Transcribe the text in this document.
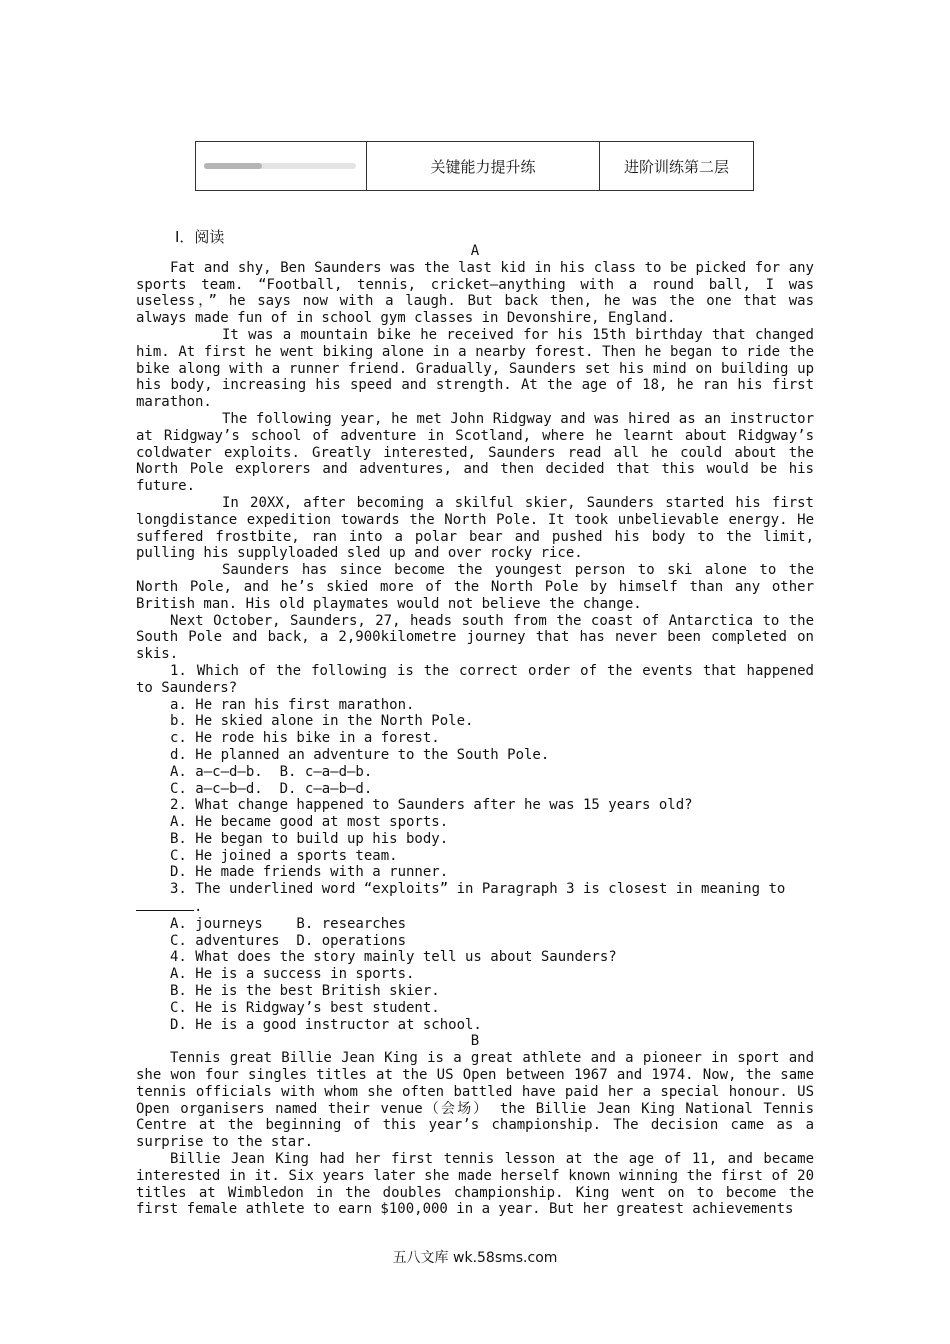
关键能力提升练	进阶训练第二层
I．阅读
A

Fat and shy, Ben Saunders was the last kid in his class to be picked for any sports team. “Football, tennis, cricket—anything with a round ball, I was useless，” he says now with a laugh. But back then, he was the one that was always made fun of in school gym classes in Devonshire, England.

It was a mountain bike he received for his 15th birthday that changed him. At first he went biking alone in a nearby forest. Then he began to ride the bike along with a runner friend. Gradually, Saunders set his mind on building up his body, increasing his speed and strength. At the age of 18, he ran his first marathon.

The following year, he met John Ridgway and was hired as an instructor at Ridgway’s school of adventure in Scotland, where he learnt about Ridgway’s coldwater exploits. Greatly interested, Saunders read all he could about the North Pole explorers and adventures, and then decided that this would be his future.

In 20XX, after becoming a skilful skier, Saunders started his first longdistance expedition towards the North Pole. It took unbelievable energy. He suffered frostbite, ran into a polar bear and pushed his body to the limit, pulling his supplyloaded sled up and over rocky rice.

Saunders has since become the youngest person to ski alone to the North Pole, and he’s skied more of the North Pole by himself than any other British man. His old playmates would not believe the change.

Next October, Saunders, 27, heads south from the coast of Antarctica to the South Pole and back, a 2,900kilometre journey that has never been completed on skis.

1. Which of the following is the correct order of the events that happened to Saunders?

a. He ran his first marathon.

b. He skied alone in the North Pole.

c. He rode his bike in a forest.

d. He planned an adventure to the South Pole.

A. a—c—d—b.  B. c—a—d—b.

C. a—c—b—d.  D. c—a—b—d.

2. What change happened to Saunders after he was 15 years old?

A. He became good at most sports.

B. He began to build up his body.

C. He joined a sports team.

D. He made friends with a runner.

3. The underlined word “exploits” in Paragraph 3 is closest in meaning to

.

A. journeys    B. researches

C. adventures  D. operations

4. What does the story mainly tell us about Saunders?

A. He is a success in sports.

B. He is the best British skier.

C. He is Ridgway’s best student.

D. He is a good instructor at school.

B

Tennis great Billie Jean King is a great athlete and a pioneer in sport and she won four singles titles at the US Open between 1967 and 1974. Now, the same tennis officials with whom she often battled have paid her a special honour. US Open organisers named their venue（会场） the Billie Jean King National Tennis Centre at the beginning of this year’s championship. The decision came as a surprise to the star.

Billie Jean King had her first tennis lesson at the age of 11, and became interested in it. Six years later she made herself known winning the first of 20 titles at Wimbledon in the doubles championship. King went on to become the first female athlete to earn $100,000 in a year. But her greatest achievements

五八文库 wk.58sms.com
